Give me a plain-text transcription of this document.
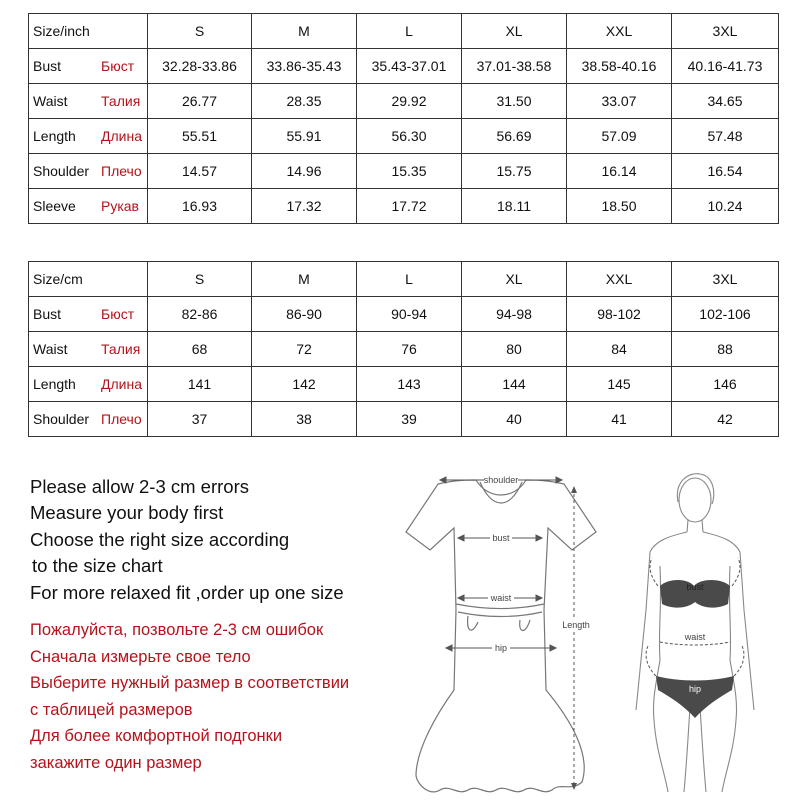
Size/inch	S	M	L	XL	XXL	3XL
Bust Бюст	32.28-33.86	33.86-35.43	35.43-37.01	37.01-38.58	38.58-40.16	40.16-41.73
Waist Талия	26.77	28.35	29.92	31.50	33.07	34.65
Length Длина	55.51	55.91	56.30	56.69	57.09	57.48
Shoulder Плечо	14.57	14.96	15.35	15.75	16.14	16.54
Sleeve Рукав	16.93	17.32	17.72	18.11	18.50	10.24
Size/cm	S	M	L	XL	XXL	3XL
Bust Бюст	82-86	86-90	90-94	94-98	98-102	102-106
Waist Талия	68	72	76	80	84	88
Length Длина	141	142	143	144	145	146
Shoulder Плечо	37	38	39	40	41	42
Please allow 2-3 cm errors
Measure your body first
Choose the right size according
to the size chart
For more relaxed fit ,order up one size
Пожалуйста, позвольте 2-3 см ошибок
Сначала измерьте свое тело
Выберите нужный размер в соответствии
с таблицей размеров
Для более комфортной подгонки
закажите один размер
shoulder
bust
waist
hip
Length
bust
waist
hip
